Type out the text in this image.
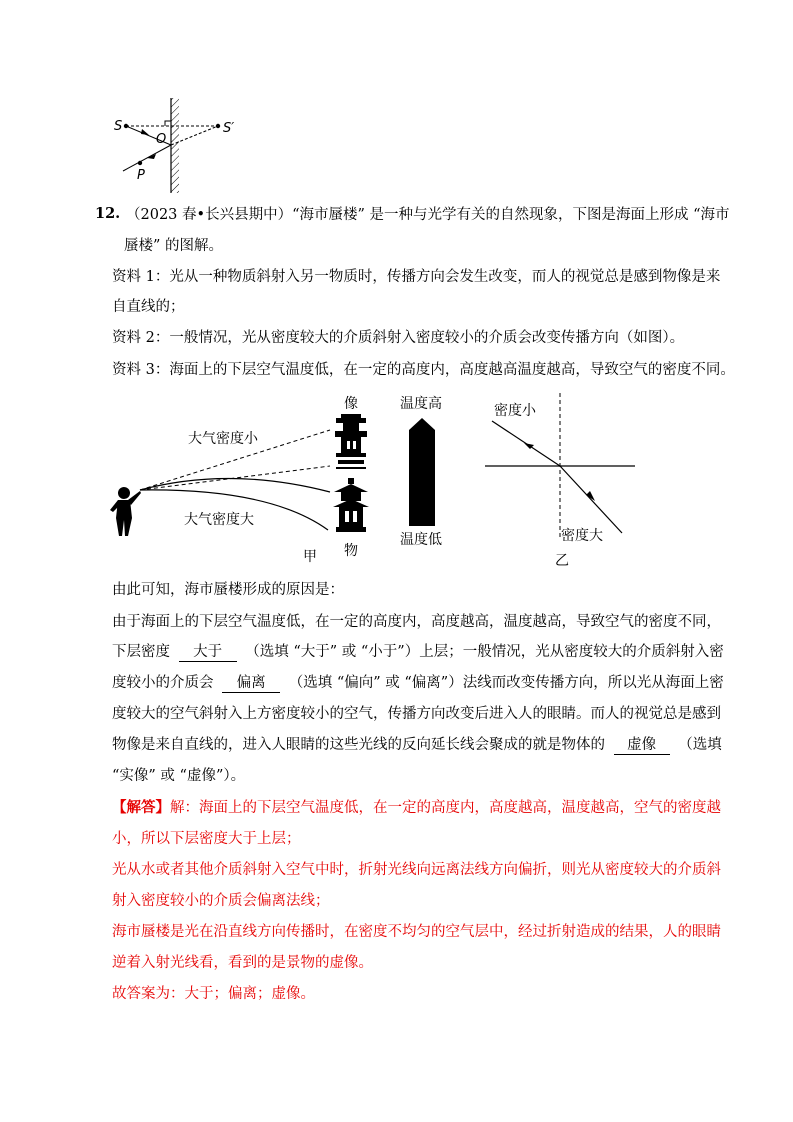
S	S′
O
P
12. （2023 春•长兴县期中）“海市蜃楼” 是一种与光学有关的自然现象，下图是海面上形成 “海市
蜃楼” 的图解。
资料 1：光从一种物质斜射入另一物质时，传播方向会发生改变，而人的视觉总是感到物像是来
自直线的；
资料 2：一般情况，光从密度较大的介质斜射入密度较小的介质会改变传播方向（如图）。
资料 3：海面上的下层空气温度低，在一定的高度内，高度越高温度越高，导致空气的密度不同。
像
物
温度高
温度低
大气密度小
大气密度大
甲
密度小
密度大
乙
由此可知，海市蜃楼形成的原因是：
由于海面上的下层空气温度低，在一定的高度内，高度越高，温度越高，导致空气的密度不同，
下层密度 大于 （选填 “大于” 或 “小于”）上层；一般情况，光从密度较大的介质斜射入密
度较小的介质会 偏离 （选填 “偏向” 或 “偏离”）法线而改变传播方向，所以光从海面上密
度较大的空气斜射入上方密度较小的空气，传播方向改变后进入人的眼睛。而人的视觉总是感到
物像是来自直线的，进入人眼睛的这些光线的反向延长线会聚成的就是物体的 虚像 （选填
“实像” 或 “虚像”）。
【解答】解：海面上的下层空气温度低，在一定的高度内，高度越高，温度越高，空气的密度越
小，所以下层密度大于上层；
光从水或者其他介质斜射入空气中时，折射光线向远离法线方向偏折，则光从密度较大的介质斜
射入密度较小的介质会偏离法线；
海市蜃楼是光在沿直线方向传播时，在密度不均匀的空气层中，经过折射造成的结果，人的眼睛
逆着入射光线看，看到的是景物的虚像。
故答案为：大于；偏离；虚像。
